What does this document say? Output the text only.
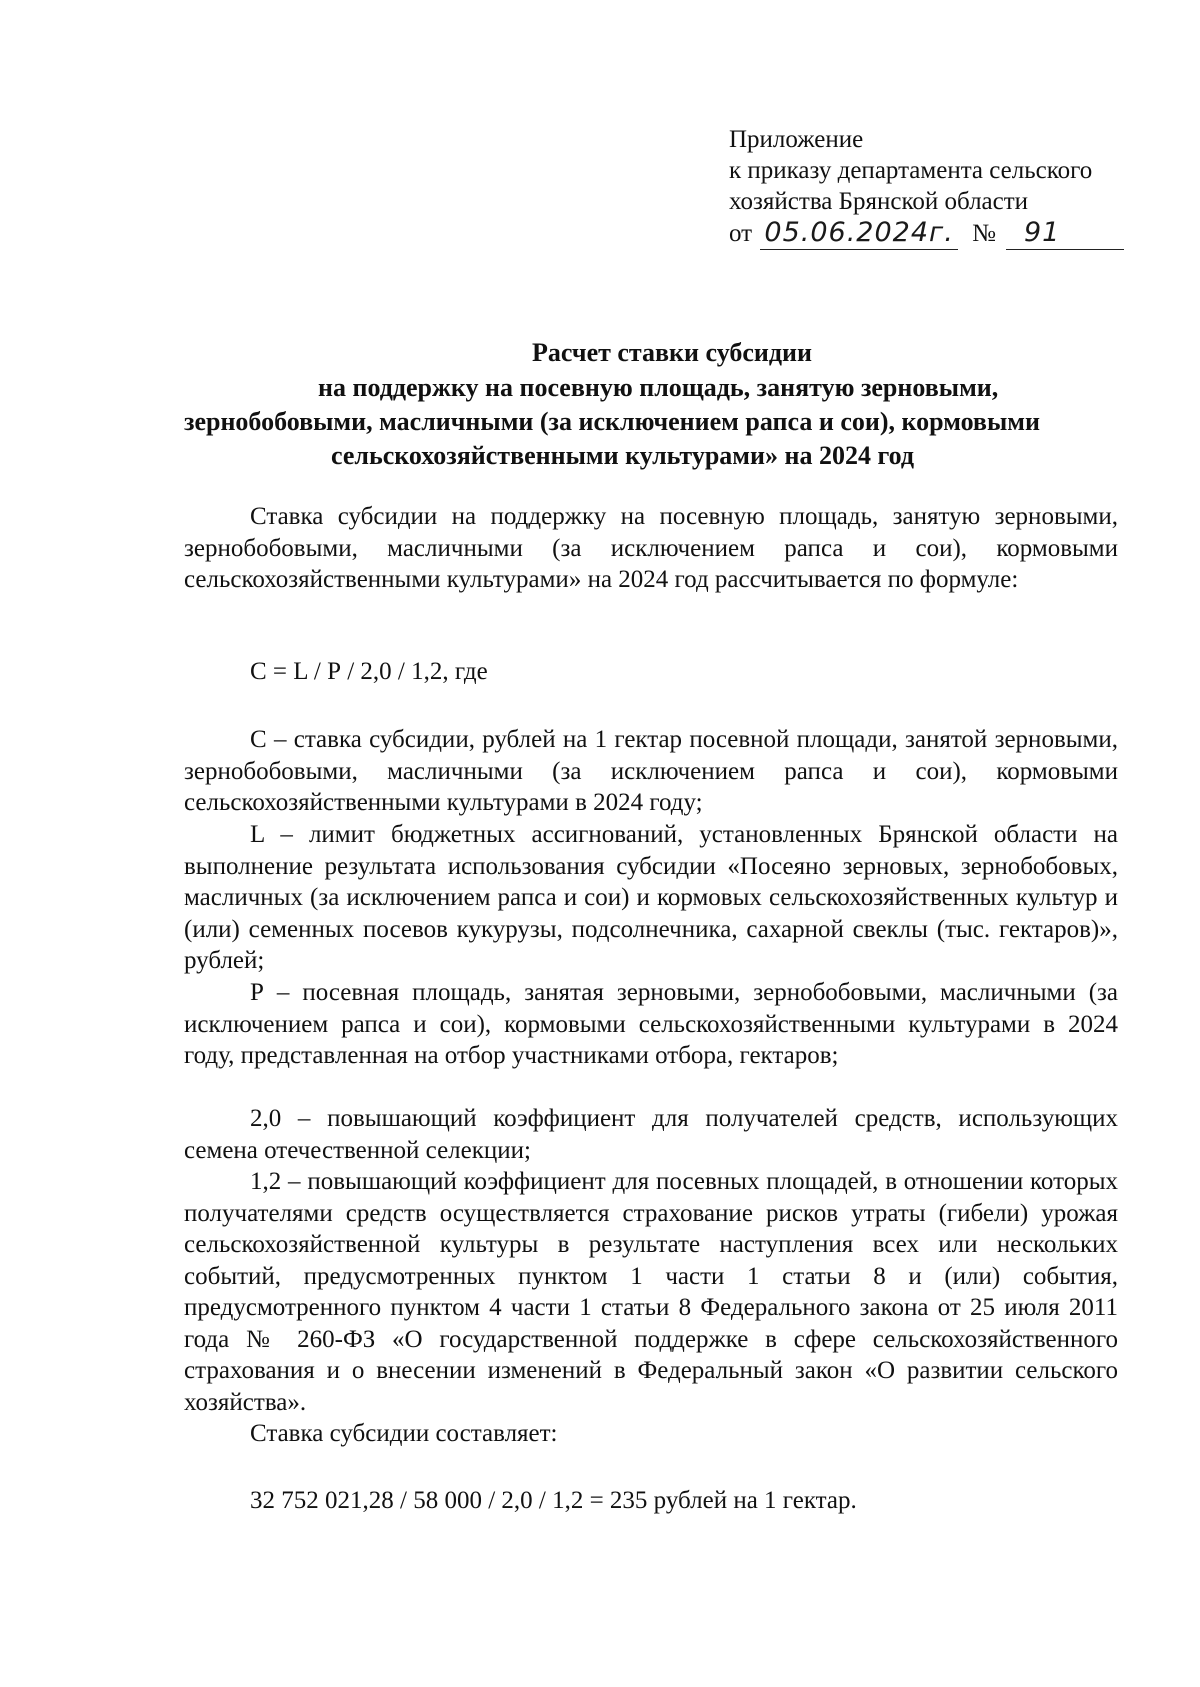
Приложение
к приказу департамента сельского
хозяйства Брянской области
от 05.06.2024г. № 91
Расчет ставки субсидии
на поддержку на посевную площадь, занятую зерновыми,
зернобобовыми, масличными (за исключением рапса и сои), кормовыми
сельскохозяйственными культурами» на 2024 год
Ставка субсидии на поддержку на посевную площадь, занятую зерновыми, зернобобовыми, масличными (за исключением рапса и сои), кормовыми сельскохозяйственными культурами» на 2024 год рассчитывается по формуле:
С = L / Р / 2,0 / 1,2, где
С – ставка субсидии, рублей на 1 гектар посевной площади, занятой зерновыми, зернобобовыми, масличными (за исключением рапса и сои), кормовыми сельскохозяйственными культурами в 2024 году;
L – лимит бюджетных ассигнований, установленных Брянской области на выполнение результата использования субсидии «Посеяно зерновых, зернобобовых, масличных (за исключением рапса и сои) и кормовых сельскохозяйственных культур и (или) семенных посевов кукурузы, подсолнечника, сахарной свеклы (тыс. гектаров)», рублей;
Р – посевная площадь, занятая зерновыми, зернобобовыми, масличными (за исключением рапса и сои), кормовыми сельскохозяйственными культурами в 2024 году, представленная на отбор участниками отбора, гектаров;
2,0 – повышающий коэффициент для получателей средств, использующих семена отечественной селекции;
1,2 – повышающий коэффициент для посевных площадей, в отношении которых получателями средств осуществляется страхование рисков утраты (гибели) урожая сельскохозяйственной культуры в результате наступления всех или нескольких событий, предусмотренных пунктом 1 части 1 статьи 8 и (или) события, предусмотренного пунктом 4 части 1 статьи 8 Федерального закона от 25 июля 2011 года № 260-ФЗ «О государственной поддержке в сфере сельскохозяйственного страхования и о внесении изменений в Федеральный закон «О развитии сельского хозяйства».
Ставка субсидии составляет:
32 752 021,28 / 58 000 / 2,0 / 1,2 = 235 рублей на 1 гектар.
